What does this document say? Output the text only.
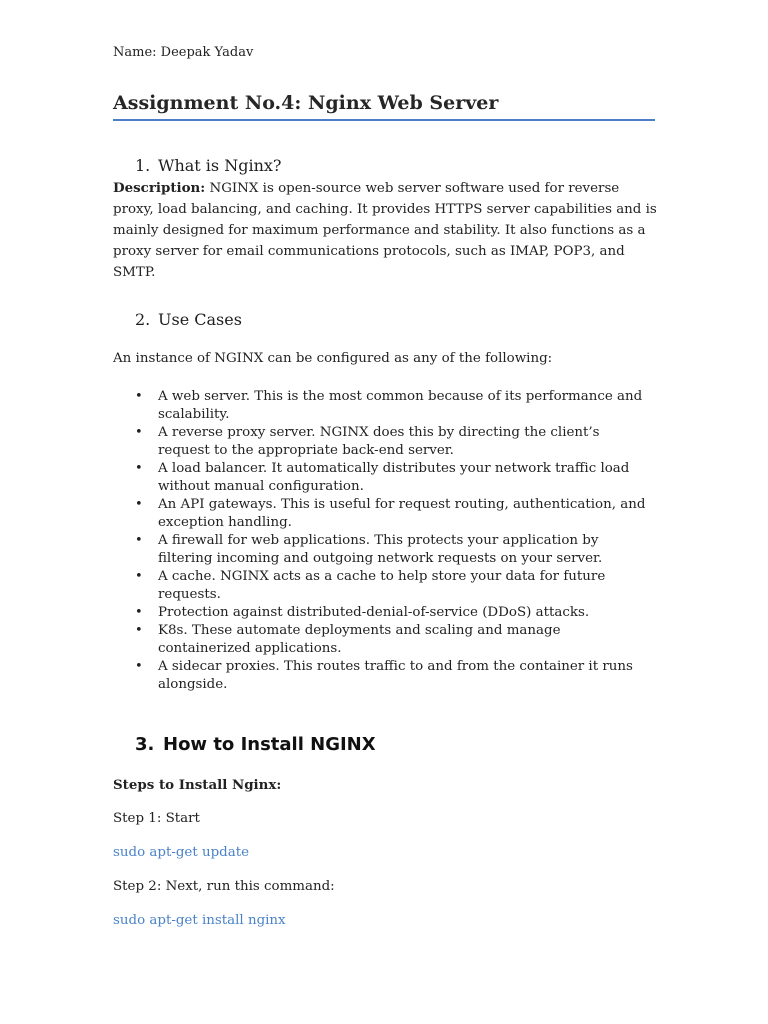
Name: Deepak Yadav
Assignment No.4: Nginx Web Server
1. What is Nginx?
Description: NGINX is open-source web server software used for reverse proxy, load balancing, and caching. It provides HTTPS server capabilities and is mainly designed for maximum performance and stability. It also functions as a proxy server for email communications protocols, such as IMAP, POP3, and SMTP.
2. Use Cases
An instance of NGINX can be configured as any of the following:
• A web server. This is the most common because of its performance and scalability.
• A reverse proxy server. NGINX does this by directing the client’s request to the appropriate back-end server.
• A load balancer. It automatically distributes your network traffic load without manual configuration.
• An API gateways. This is useful for request routing, authentication, and exception handling.
• A firewall for web applications. This protects your application by filtering incoming and outgoing network requests on your server.
• A cache. NGINX acts as a cache to help store your data for future requests.
• Protection against distributed-denial-of-service (DDoS) attacks.
• K8s. These automate deployments and scaling and manage containerized applications.
• A sidecar proxies. This routes traffic to and from the container it runs alongside.
3. How to Install NGINX
Steps to Install Nginx:
Step 1: Start
sudo apt-get update
Step 2: Next, run this command:
sudo apt-get install nginx
